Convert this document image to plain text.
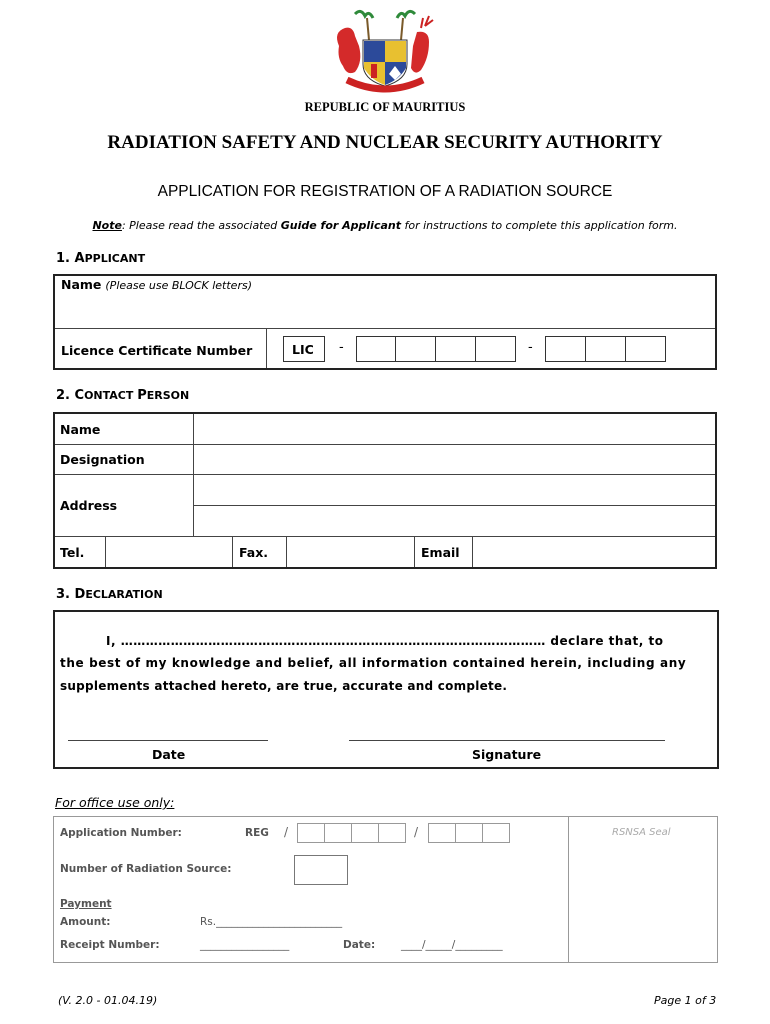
REPUBLIC OF MAURITIUS
RADIATION SAFETY AND NUCLEAR SECURITY AUTHORITY
APPLICATION FOR REGISTRATION OF A RADIATION SOURCE
Note: Please read the associated Guide for Applicant for instructions to complete this application form.
1. APPLICANT
Name (Please use BLOCK letters)
Licence Certificate Number	LIC -	-
2. CONTACT PERSON
Name
Designation
Address
Tel.	Fax.	Email
3. DECLARATION
I, ………………………………………………………………………………………… declare that, to
the best of my knowledge and belief, all information contained herein, including any
supplements attached hereto, are true, accurate and complete.
Date	Signature
For office use only:
Application Number:	REG /	/	RSNSA Seal
Number of Radiation Source:
Payment
Amount:	Rs.________________________
Receipt Number:	_________________	Date: ____/_____/_________
(V. 2.0 - 01.04.19)	Page 1 of 3
